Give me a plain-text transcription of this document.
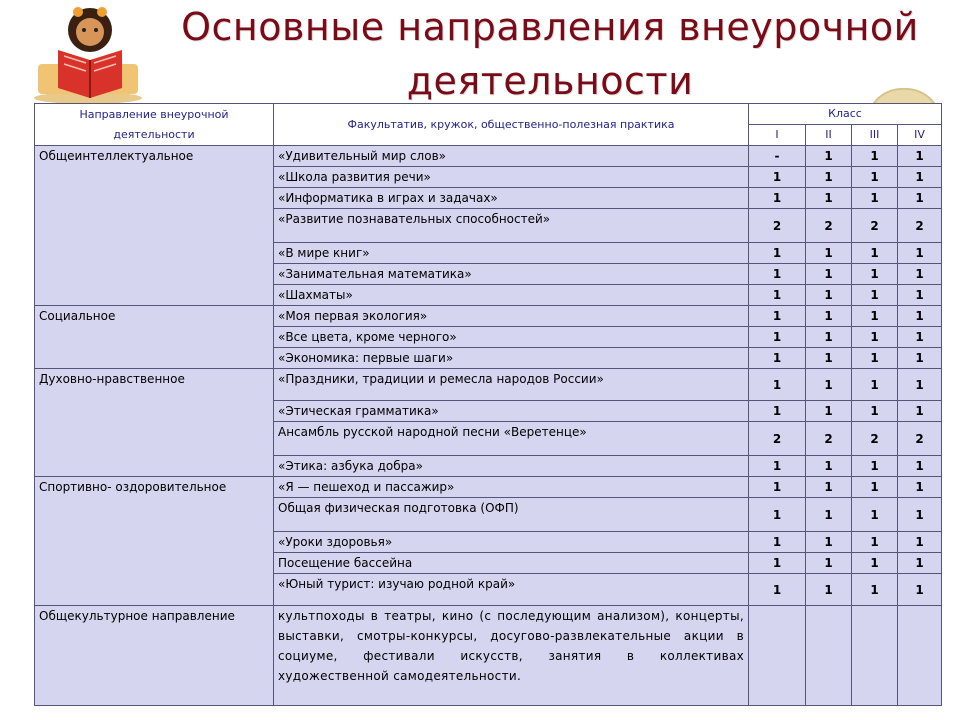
Основные направления внеурочной деятельности
Направление внеурочной деятельности	Факультатив, кружок, общественно-полезная практика	Класс			
		I	II	III	IV
Общеинтеллектуальное	«Удивительный мир слов»	-	1	1	1
	«Школа развития речи»	1	1	1	1
	«Информатика в играх и задачах»	1	1	1	1
	«Развитие познавательных способностей»	2	2	2	2
	«В мире книг»	1	1	1	1
	«Занимательная математика»	1	1	1	1
	«Шахматы»	1	1	1	1
Социальное	«Моя первая экология»	1	1	1	1
	«Все цвета, кроме черного»	1	1	1	1
	«Экономика: первые шаги»	1	1	1	1
Духовно-нравственное	«Праздники, традиции и ремесла народов России»	1	1	1	1
	«Этическая грамматика»	1	1	1	1
	Ансамбль русской народной песни «Веретенце»	2	2	2	2
	«Этика: азбука добра»	1	1	1	1
Спортивно- оздоровительное	«Я — пешеход и пассажир»	1	1	1	1
	Общая физическая подготовка (ОФП)	1	1	1	1
	«Уроки здоровья»	1	1	1	1
	Посещение бассейна	1	1	1	1
	«Юный турист: изучаю родной край»	1	1	1	1
Общекультурное направление	культпоходы в театры, кино (с последующим анализом), концерты, выставки, смотры-конкурсы, досугово-развлекательные акции в социуме, фестивали искусств, занятия в коллективах художественной самодеятельности.				
